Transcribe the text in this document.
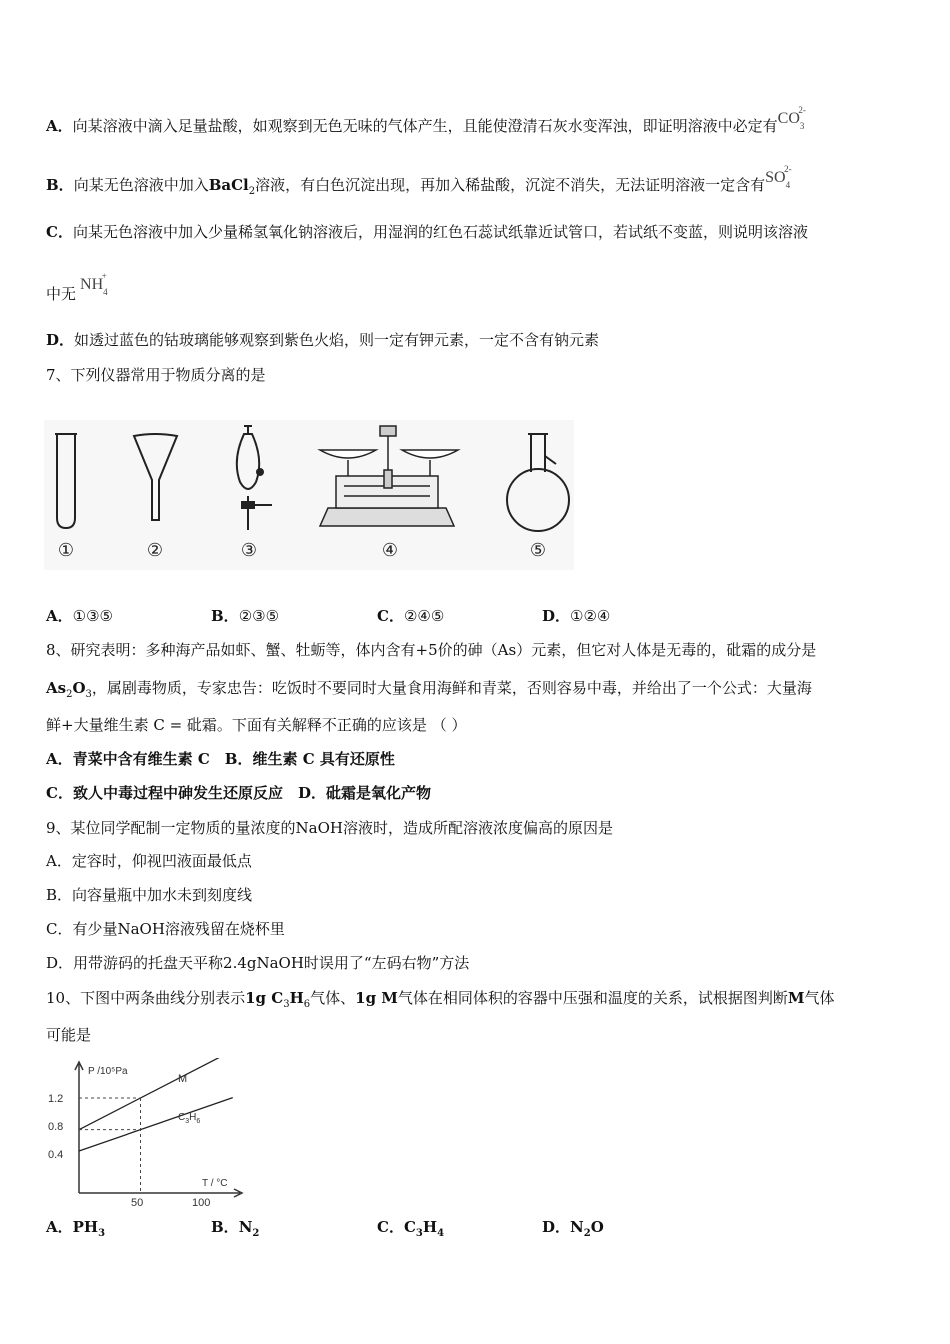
A．向某溶液中滴入足量盐酸，如观察到无色无味的气体产生，且能使澄清石灰水变浑浊，即证明溶液中必定有$CO_3^{2-}$
B．向某无色溶液中加入BaCl$_2$溶液，有白色沉淀出现，再加入稀盐酸，沉淀不消失，无法证明溶液一定含有$SO_4^{2-}$
C．向某无色溶液中加入少量稀氢氧化钠溶液后，用湿润的红色石蕊试纸靠近试管口，若试纸不变蓝，则说明该溶液
中无$NH_4^+$
D．如透过蓝色的钴玻璃能够观察到紫色火焰，则一定有钾元素，一定不含有钠元素
7、下列仪器常用于物质分离的是
①	②	③	④	⑤
A．①③⑤	B．②③⑤	C．②④⑤	D．①②④
8、研究表明：多种海产品如虾、蟹、牡蛎等，体内含有+5价的砷（As）元素，但它对人体是无毒的，砒霜的成分是
$As_2O_3$，属剧毒物质，专家忠告：吃饭时不要同时大量食用海鲜和青菜，否则容易中毒，并给出了一个公式：大量海
鲜+大量维生素 C = 砒霜。下面有关解释不正确的应该是 （ ）
A．青菜中含有维生素 C　B．维生素 C 具有还原性
C．致人中毒过程中砷发生还原反应　D．砒霜是氧化产物
9、某位同学配制一定物质的量浓度的NaOH溶液时，造成所配溶液浓度偏高的原因是
A．定容时，仰视凹液面最低点
B．向容量瓶中加水未到刻度线
C．有少量NaOH溶液残留在烧杯里
D．用带游码的托盘天平称2.4gNaOH时误用了“左码右物”方法
10、下图中两条曲线分别表示1g $C_3H_6$气体、1g M气体在相同体积的容器中压强和温度的关系，试根据图判断M气体
可能是
P /10⁵Pa
T / °C
1.2
0.8
0.4
50	100
M
$C_3H_6$
A．$PH_3$	B．$N_2$	C．$C_3H_4$	D．$N_2O$
